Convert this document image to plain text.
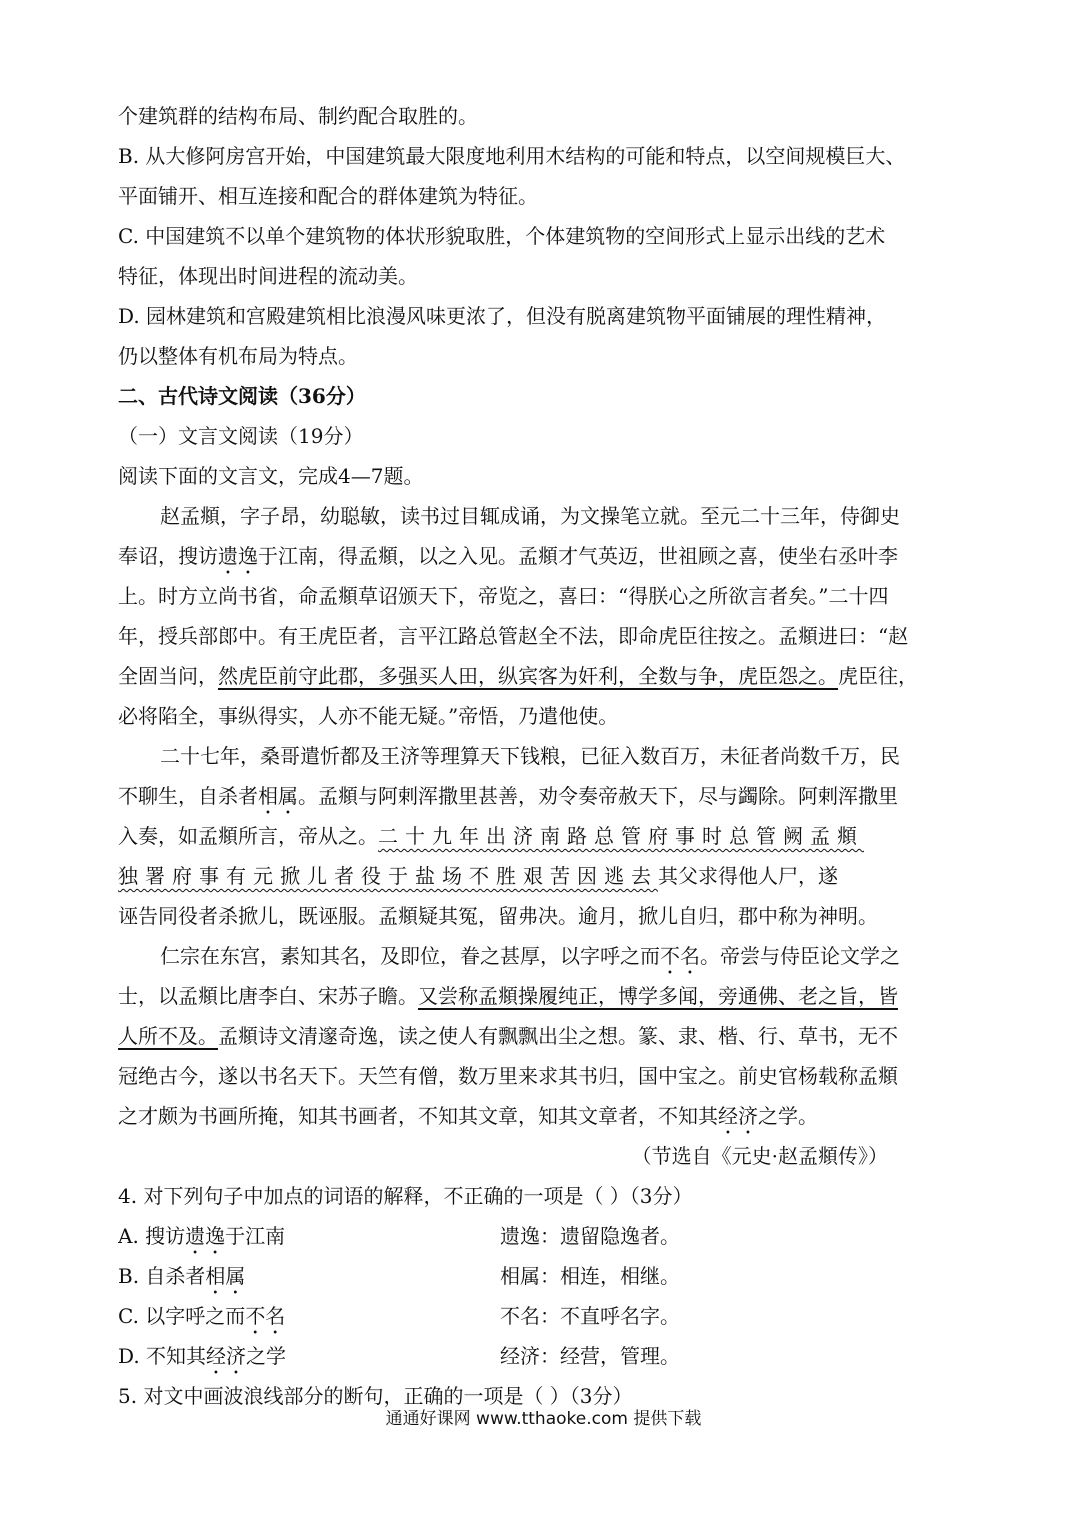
个建筑群的结构布局、制约配合取胜的。
B. 从大修阿房宫开始，中国建筑最大限度地利用木结构的可能和特点，以空间规模巨大、
平面铺开、相互连接和配合的群体建筑为特征。
C. 中国建筑不以单个建筑物的体状形貌取胜，个体建筑物的空间形式上显示出线的艺术
特征，体现出时间进程的流动美。
D. 园林建筑和宫殿建筑相比浪漫风味更浓了，但没有脱离建筑物平面铺展的理性精神，
仍以整体有机布局为特点。
二、古代诗文阅读（36分）
（一）文言文阅读（19分）
阅读下面的文言文，完成4—7题。
赵孟頫，字子昂，幼聪敏，读书过目辄成诵，为文操笔立就。至元二十三年，侍御史
奉诏，搜访遗逸于江南，得孟頫，以之入见。孟頫才气英迈，世祖顾之喜，使坐右丞叶李
上。时方立尚书省，命孟頫草诏颁天下，帝览之，喜曰：“得朕心之所欲言者矣。”二十四
年，授兵部郎中。有王虎臣者，言平江路总管赵全不法，即命虎臣往按之。孟頫进曰：“赵
全固当问，然虎臣前守此郡，多强买人田，纵宾客为奸利，全数与争，虎臣怨之。虎臣往，
必将陷全，事纵得实，人亦不能无疑。”帝悟，乃遣他使。
二十七年，桑哥遣忻都及王济等理算天下钱粮，已征入数百万，未征者尚数千万，民
不聊生，自杀者相属。孟頫与阿剌浑撒里甚善，劝令奏帝赦天下，尽与蠲除。阿剌浑撒里
入奏，如孟頫所言，帝从之。二十九年出济南路总管府事时总管阙孟頫
独署府事有元掀儿者役于盐场不胜艰苦因逃去其父求得他人尸，遂
诬告同役者杀掀儿，既诬服。孟頫疑其冤，留弗决。逾月，掀儿自归，郡中称为神明。
仁宗在东宫，素知其名，及即位，眷之甚厚，以字呼之而不名。帝尝与侍臣论文学之
士，以孟頫比唐李白、宋苏子瞻。又尝称孟頫操履纯正，博学多闻，旁通佛、老之旨，皆
人所不及。孟頫诗文清邃奇逸，读之使人有飘飘出尘之想。篆、隶、楷、行、草书，无不
冠绝古今，遂以书名天下。天竺有僧，数万里来求其书归，国中宝之。前史官杨载称孟頫
之才颇为书画所掩，知其书画者，不知其文章，知其文章者，不知其经济之学。
（节选自《元史·赵孟頫传》）
4. 对下列句子中加点的词语的解释，不正确的一项是（ ）（3分）
A. 搜访遗逸于江南	遗逸：遗留隐逸者。
B. 自杀者相属	相属：相连，相继。
C. 以字呼之而不名	不名：不直呼名字。
D. 不知其经济之学	经济：经营，管理。
5. 对文中画波浪线部分的断句，正确的一项是（ ）（3分）
通通好课网 www.tthaoke.com 提供下载
